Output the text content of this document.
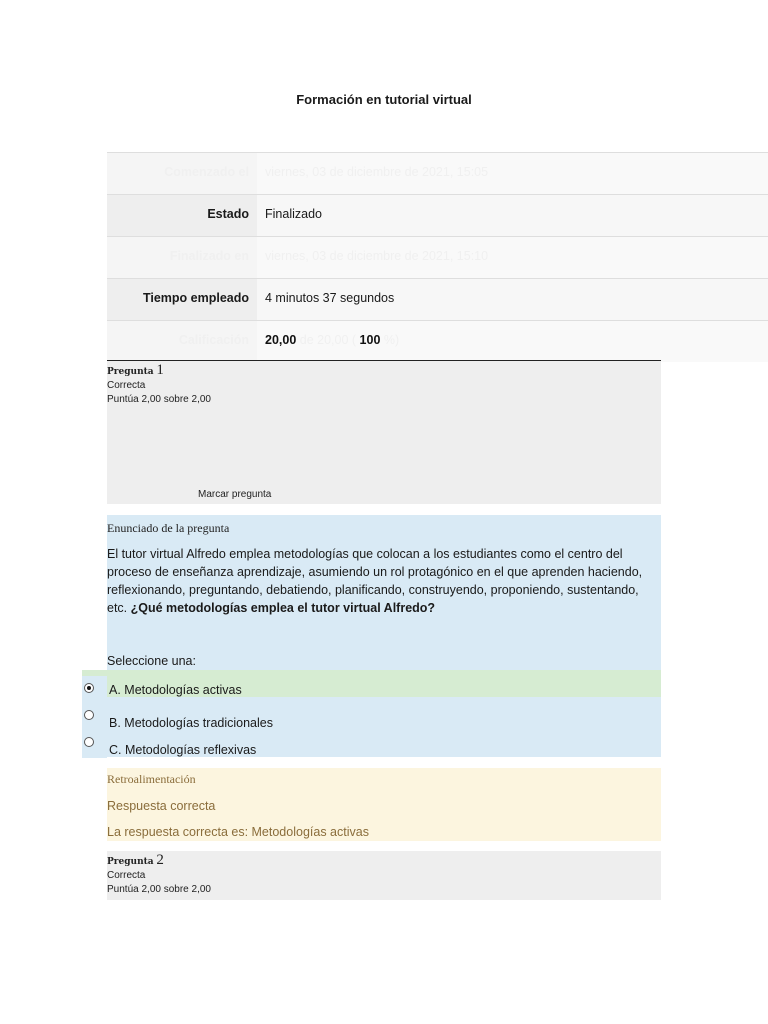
Formación en tutorial virtual
Comenzado el	viernes, 03 de diciembre de 2021, 15:05
Estado	Finalizado
Finalizado en	viernes, 03 de diciembre de 2021, 15:10
Tiempo empleado	4 minutos 37 segundos
Calificación	20,00 de 20,00 ( 100 %)
Pregunta 1
Correcta
Puntúa 2,00 sobre 2,00
Marcar pregunta
Enunciado de la pregunta
El tutor virtual Alfredo emplea metodologías que colocan a los estudiantes como el centro del proceso de enseñanza aprendizaje, asumiendo un rol protagónico en el que aprenden haciendo, reflexionando, preguntando, debatiendo, planificando, construyendo, proponiendo, sustentando, etc. ¿Qué metodologías emplea el tutor virtual Alfredo?
Seleccione una:
A. Metodologías activas
B. Metodologías tradicionales
C. Metodologías reflexivas
Retroalimentación
Respuesta correcta
La respuesta correcta es: Metodologías activas
Pregunta 2
Correcta
Puntúa 2,00 sobre 2,00
